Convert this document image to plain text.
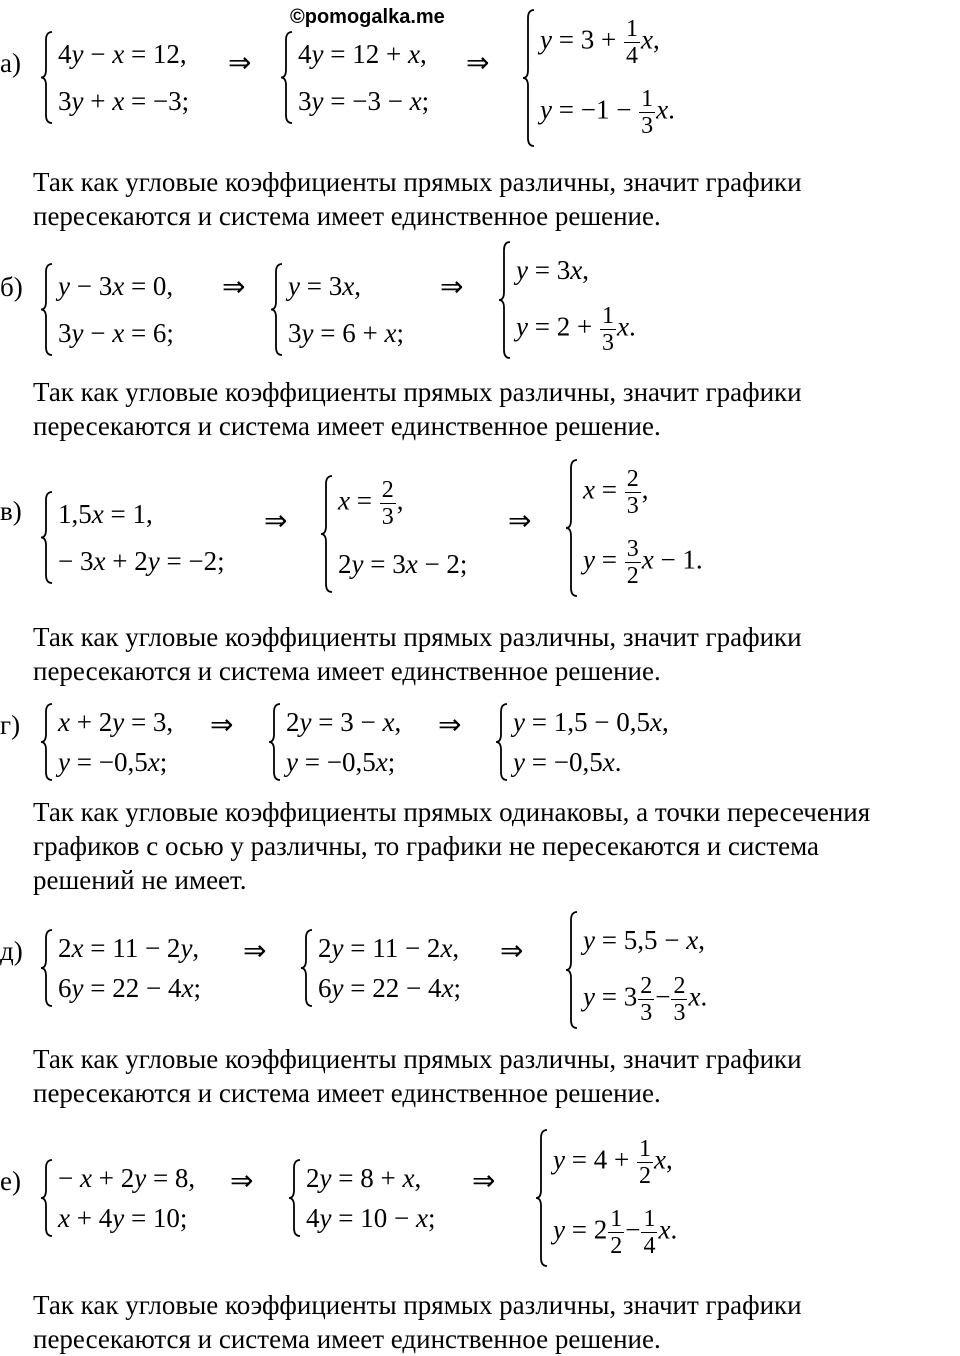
©pomogalka.me
а) 4y − x = 12,
3y + x = −3;
⇒ 4y = 12 + x,
3y = −3 − x;
⇒
$y = 3 + \frac{1}{4} x$,
$y = -1 - \frac{1}{3} x$.
Так как угловые коэффициенты прямых различны, значит графики
пересекаются и система имеет единственное решение.
б) y − 3x = 0,
3y − x = 6;
⇒ y = 3x,
3y = 6 + x;
⇒ y = 3x,
$y = 2 + \frac{1}{3} x$.
Так как угловые коэффициенты прямых различны, значит графики
пересекаются и система имеет единственное решение.
в) 1,5x = 1,
− 3x + 2y = −2;
⇒
$x = \frac{2}{3}$ ,
2y = 3x − 2;
⇒
$x = \frac{2}{3}$ ,
$y = \frac{3}{2}$ x − 1.
Так как угловые коэффициенты прямых различны, значит графики
пересекаются и система имеет единственное решение.
г) x + 2y = 3,
y = −0,5x;
⇒ 2y = 3 − x,
y = −0,5x;
⇒ y = 1,5 − 0,5x,
y = −0,5x.
Так как угловые коэффициенты прямых одинаковы, а точки пересечения
графиков с осью y различны, то графики не пересекаются и система
решений не имеет.
д) 2x = 11 − 2y,
6y = 22 − 4x;
⇒ 2y = 11 − 2x,
6y = 22 − 4x;
⇒ y = 5,5 − x,
$y = 3 \frac{2}{3} - \frac{2}{3} x$.
Так как угловые коэффициенты прямых различны, значит графики
пересекаются и система имеет единственное решение.
е) − x + 2y = 8,
x + 4y = 10;
⇒ 2y = 8 + x,
4y = 10 − x;
⇒
$y = 4 + \frac{1}{2} x$,
$y = 2 \frac{1}{2} - \frac{1}{4} x$.
Так как угловые коэффициенты прямых различны, значит графики
пересекаются и система имеет единственное решение.
